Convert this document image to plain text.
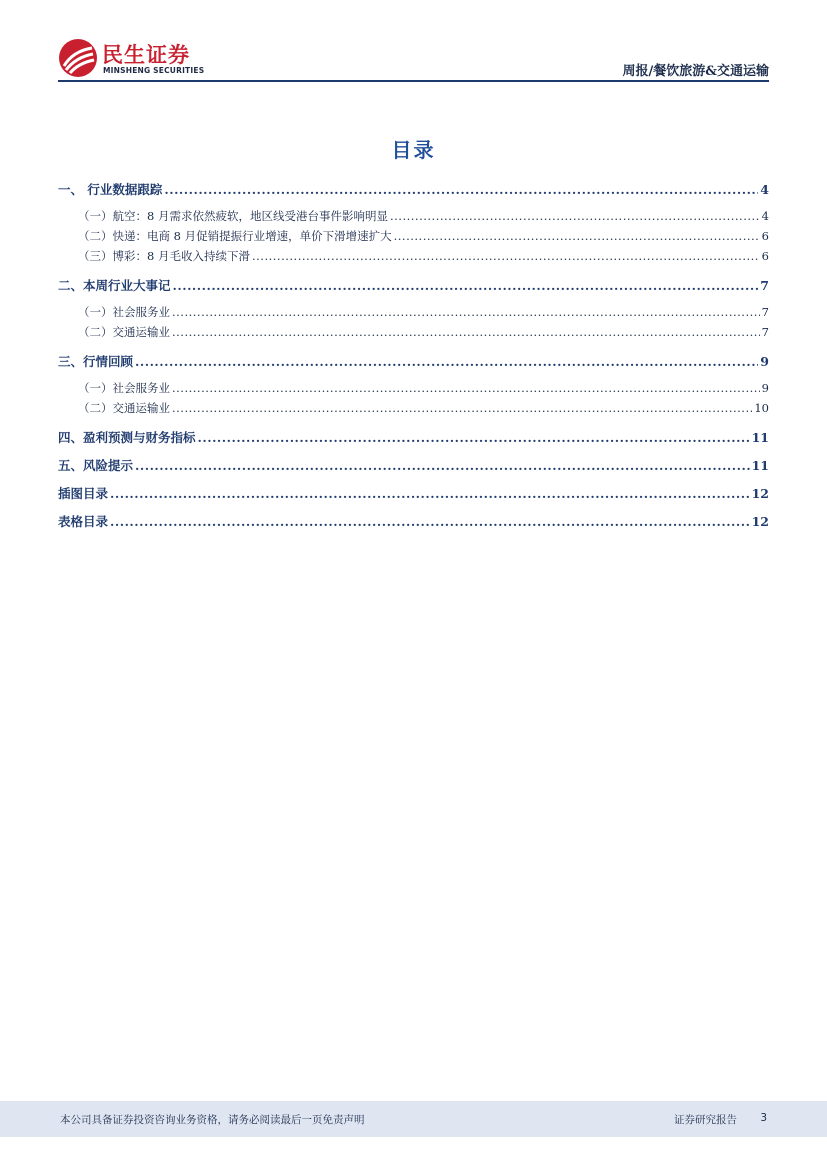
民生证券
MINSHENG SECURITIES	周报/餐饮旅游&交通运输
目录
一、 行业数据跟踪 .....	4
（一）航空：8 月需求依然疲软，地区线受港台事件影响明显 .....	4
（二）快递：电商 8 月促销提振行业增速，单价下滑增速扩大 .....	6
（三）博彩：8 月毛收入持续下滑 .....	6
二、本周行业大事记 .....	7
（一）社会服务业 .....	7
（二）交通运输业 .....	7
三、行情回顾 .....	9
（一）社会服务业 .....	9
（二）交通运输业 .....	10
四、盈利预测与财务指标 .....	11
五、风险提示 .....	11
插图目录 .....	12
表格目录 .....	12
本公司具备证券投资咨询业务资格，请务必阅读最后一页免责声明	证券研究报告 3
